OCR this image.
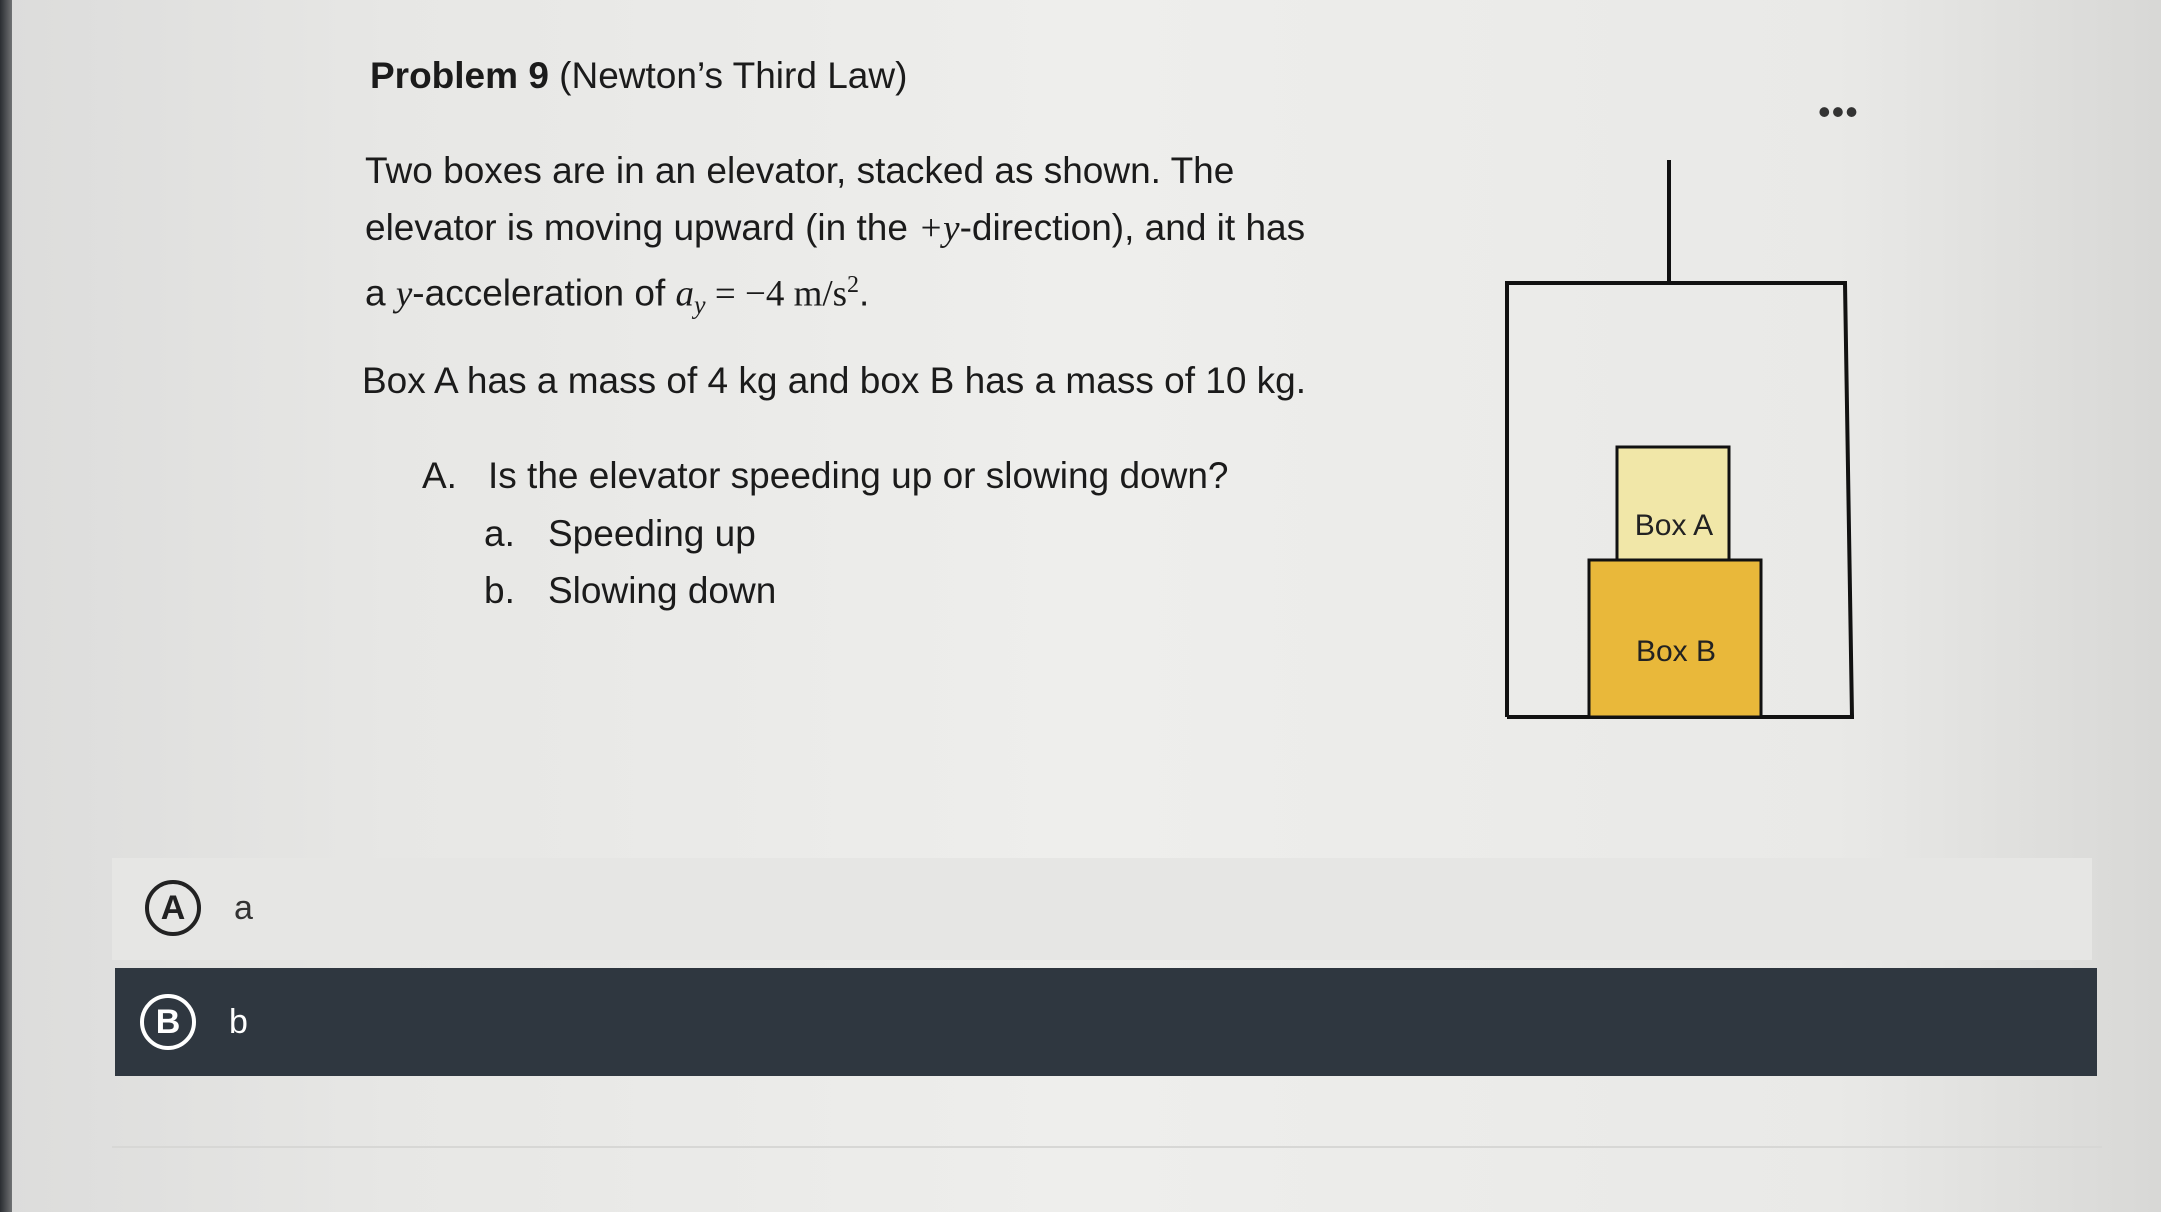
Problem 9 (Newton’s Third Law)
•••
Two boxes are in an elevator, stacked as shown. The
elevator is moving upward (in the +y-direction), and it has
a y-acceleration of $a_y = -4$ $m/s^2$.
Box A has a mass of 4 kg and box B has a mass of 10 kg.
A. Is the elevator speeding up or slowing down?
a. Speeding up
b. Slowing down
Box A
Box B
A	a
B	b
